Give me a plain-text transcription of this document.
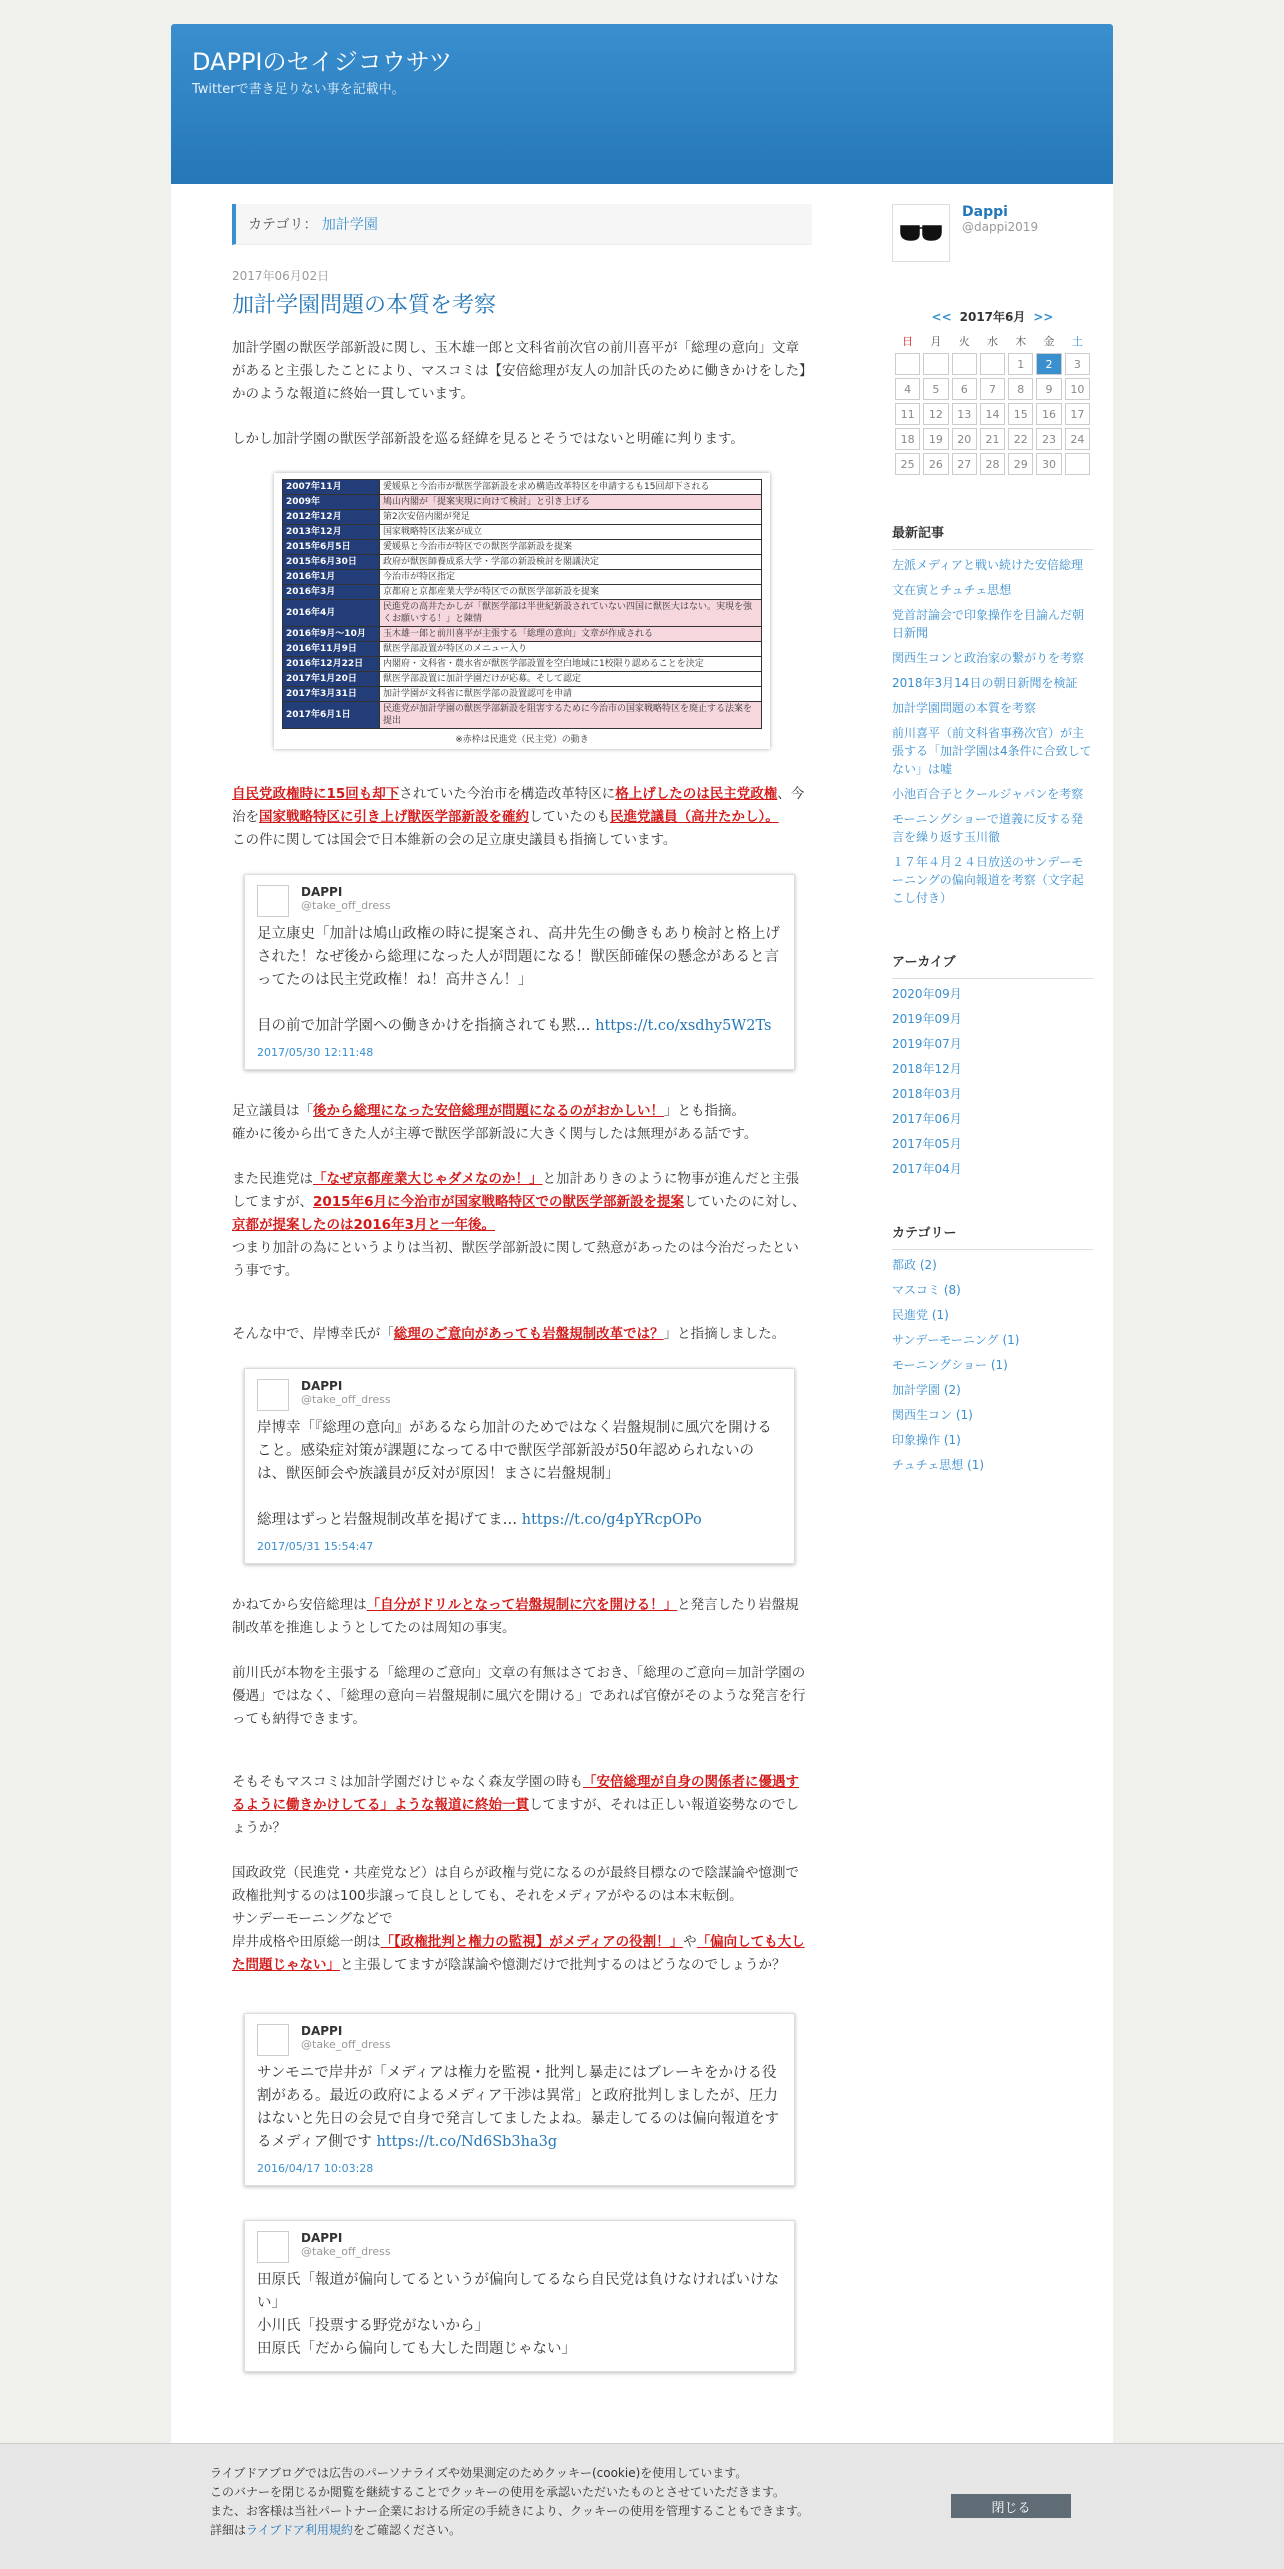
DAPPIのセイジコウサツ
Twitterで書き足りない事を記載中。
カテゴリ： 加計学園
2017年06月02日
加計学園問題の本質を考察

加計学園の獣医学部新設に関し、玉木雄一郎と文科省前次官の前川喜平が「総理の意向」文章があると主張したことにより、マスコミは【安倍総理が友人の加計氏のために働きかけをした】かのような報道に終始一貫しています。

しかし加計学園の獣医学部新設を巡る経緯を見るとそうではないと明確に判ります。

2007年11月	愛媛県と今治市が獣医学部新設を求め構造改革特区を申請するも15回却下される
2009年	鳩山内閣が「提案実現に向けて検討」と引き上げる
2012年12月	第2次安倍内閣が発足
2013年12月	国家戦略特区法案が成立
2015年6月5日	愛媛県と今治市が特区での獣医学部新設を提案
2015年6月30日	政府が獣医師養成系大学・学部の新設検討を閣議決定
2016年1月	今治市が特区指定
2016年3月	京都府と京都産業大学が特区での獣医学部新設を提案
2016年4月	民進党の高井たかしが「獣医学部は半世紀新設されていない四国に獣医大はない。実現を強くお願いする！」と陳情
2016年9月〜10月	玉木雄一郎と前川喜平が主張する「総理の意向」文章が作成される
2016年11月9日	獣医学部設置が特区のメニュー入り
2016年12月22日	内閣府・文科省・農水省が獣医学部設置を空白地域に1校限り認めることを決定
2017年1月20日	獣医学部設置に加計学園だけが応募。そして認定
2017年3月31日	加計学園が文科省に獣医学部の設置認可を申請
2017年6月1日	民進党が加計学園の獣医学部新設を阻害するために今治市の国家戦略特区を廃止する法案を提出
※赤枠は民進党（民主党）の動き

自民党政権時に15回も却下されていた今治市を構造改革特区に格上げしたのは民主党政権、今治を国家戦略特区に引き上げ獣医学部新設を確約していたのも民進党議員（高井たかし）。
この件に関しては国会で日本維新の会の足立康史議員も指摘しています。

DAPPI
@take_off_dress
足立康史「加計は鳩山政権の時に提案され、高井先生の働きもあり検討と格上げされた！なぜ後から総理になった人が問題になる！獣医師確保の懸念があると言ってたのは民主党政権！ね！高井さん！」

目の前で加計学園への働きかけを指摘されても黙… https://t.co/xsdhy5W2Ts
2017/05/30 12:11:48

足立議員は「後から総理になった安倍総理が問題になるのがおかしい！」とも指摘。
確かに後から出てきた人が主導で獣医学部新設に大きく関与したは無理がある話です。

また民進党は「なぜ京都産業大じゃダメなのか！」と加計ありきのように物事が進んだと主張してますが、2015年6月に今治市が国家戦略特区での獣医学部新設を提案していたのに対し、京都が提案したのは2016年3月と一年後。
つまり加計の為にというよりは当初、獣医学部新設に関して熱意があったのは今治だったという事です。

そんな中で、岸博幸氏が「総理のご意向があっても岩盤規制改革では？」と指摘しました。

DAPPI
@take_off_dress
岸博幸「『総理の意向』があるなら加計のためではなく岩盤規制に風穴を開けること。感染症対策が課題になってる中で獣医学部新設が50年認められないのは、獣医師会や族議員が反対が原因！まさに岩盤規制」

総理はずっと岩盤規制改革を掲げてま… https://t.co/g4pYRcpOPo
2017/05/31 15:54:47

かねてから安倍総理は「自分がドリルとなって岩盤規制に穴を開ける！」と発言したり岩盤規制改革を推進しようとしてたのは周知の事実。

前川氏が本物を主張する「総理のご意向」文章の有無はさておき、「総理のご意向＝加計学園の優遇」ではなく、「総理の意向＝岩盤規制に風穴を開ける」であれば官僚がそのような発言を行っても納得できます。

そもそもマスコミは加計学園だけじゃなく森友学園の時も「安倍総理が自身の関係者に優遇するように働きかけしてる」ような報道に終始一貫してますが、それは正しい報道姿勢なのでしょうか？

国政政党（民進党・共産党など）は自らが政権与党になるのが最終目標なので陰謀論や憶測で政権批判するのは100歩譲って良しとしても、それをメディアがやるのは本末転倒。
サンデーモーニングなどで
岸井成格や田原総一朗は「【政権批判と権力の監視】がメディアの役割！」や「偏向しても大した問題じゃない」と主張してますが陰謀論や憶測だけで批判するのはどうなのでしょうか？

DAPPI
@take_off_dress
サンモニで岸井が「メディアは権力を監視・批判し暴走にはブレーキをかける役割がある。最近の政府によるメディア干渉は異常」と政府批判しましたが、圧力はないと先日の会見で自身で発言してましたよね。暴走してるのは偏向報道をするメディア側です https://t.co/Nd6Sb3ha3g
2016/04/17 10:03:28
DAPPI
@take_off_dress
田原氏「報道が偏向してるというが偏向してるなら自民党は負けなければいけない」
小川氏「投票する野党がないから」
田原氏「だから偏向しても大した問題じゃない」
Dappi
@dappi2019
<< 2017年6月 >>
日	月	火	水	木	金	土
				1	2	3
4	5	6	7	8	9	10
11	12	13	14	15	16	17
18	19	20	21	22	23	24
25	26	27	28	29	30	
最新記事
左派メディアと戦い続けた安倍総理
文在寅とチュチェ思想
党首討論会で印象操作を目論んだ朝日新聞
関西生コンと政治家の繋がりを考察
2018年3月14日の朝日新聞を検証
加計学園問題の本質を考察
前川喜平（前文科省事務次官）が主張する「加計学園は4条件に合致してない」は嘘
小池百合子とクールジャパンを考察
モーニングショーで道義に反する発言を繰り返す玉川徹
１７年４月２４日放送のサンデーモーニングの偏向報道を考察（文字起こし付き）
アーカイブ
2020年09月
2019年09月
2019年07月
2018年12月
2018年03月
2017年06月
2017年05月
2017年04月
カテゴリー
都政 (2)
マスコミ (8)
民進党 (1)
サンデーモーニング (1)
モーニングショー (1)
加計学園 (2)
関西生コン (1)
印象操作 (1)
チュチェ思想 (1)
ライブドアブログでは広告のパーソナライズや効果測定のためクッキー(cookie)を使用しています。
このバナーを閉じるか閲覧を継続することでクッキーの使用を承認いただいたものとさせていただきます。
また、お客様は当社パートナー企業における所定の手続きにより、クッキーの使用を管理することもできます。
詳細はライブドア利用規約をご確認ください。
閉じる
